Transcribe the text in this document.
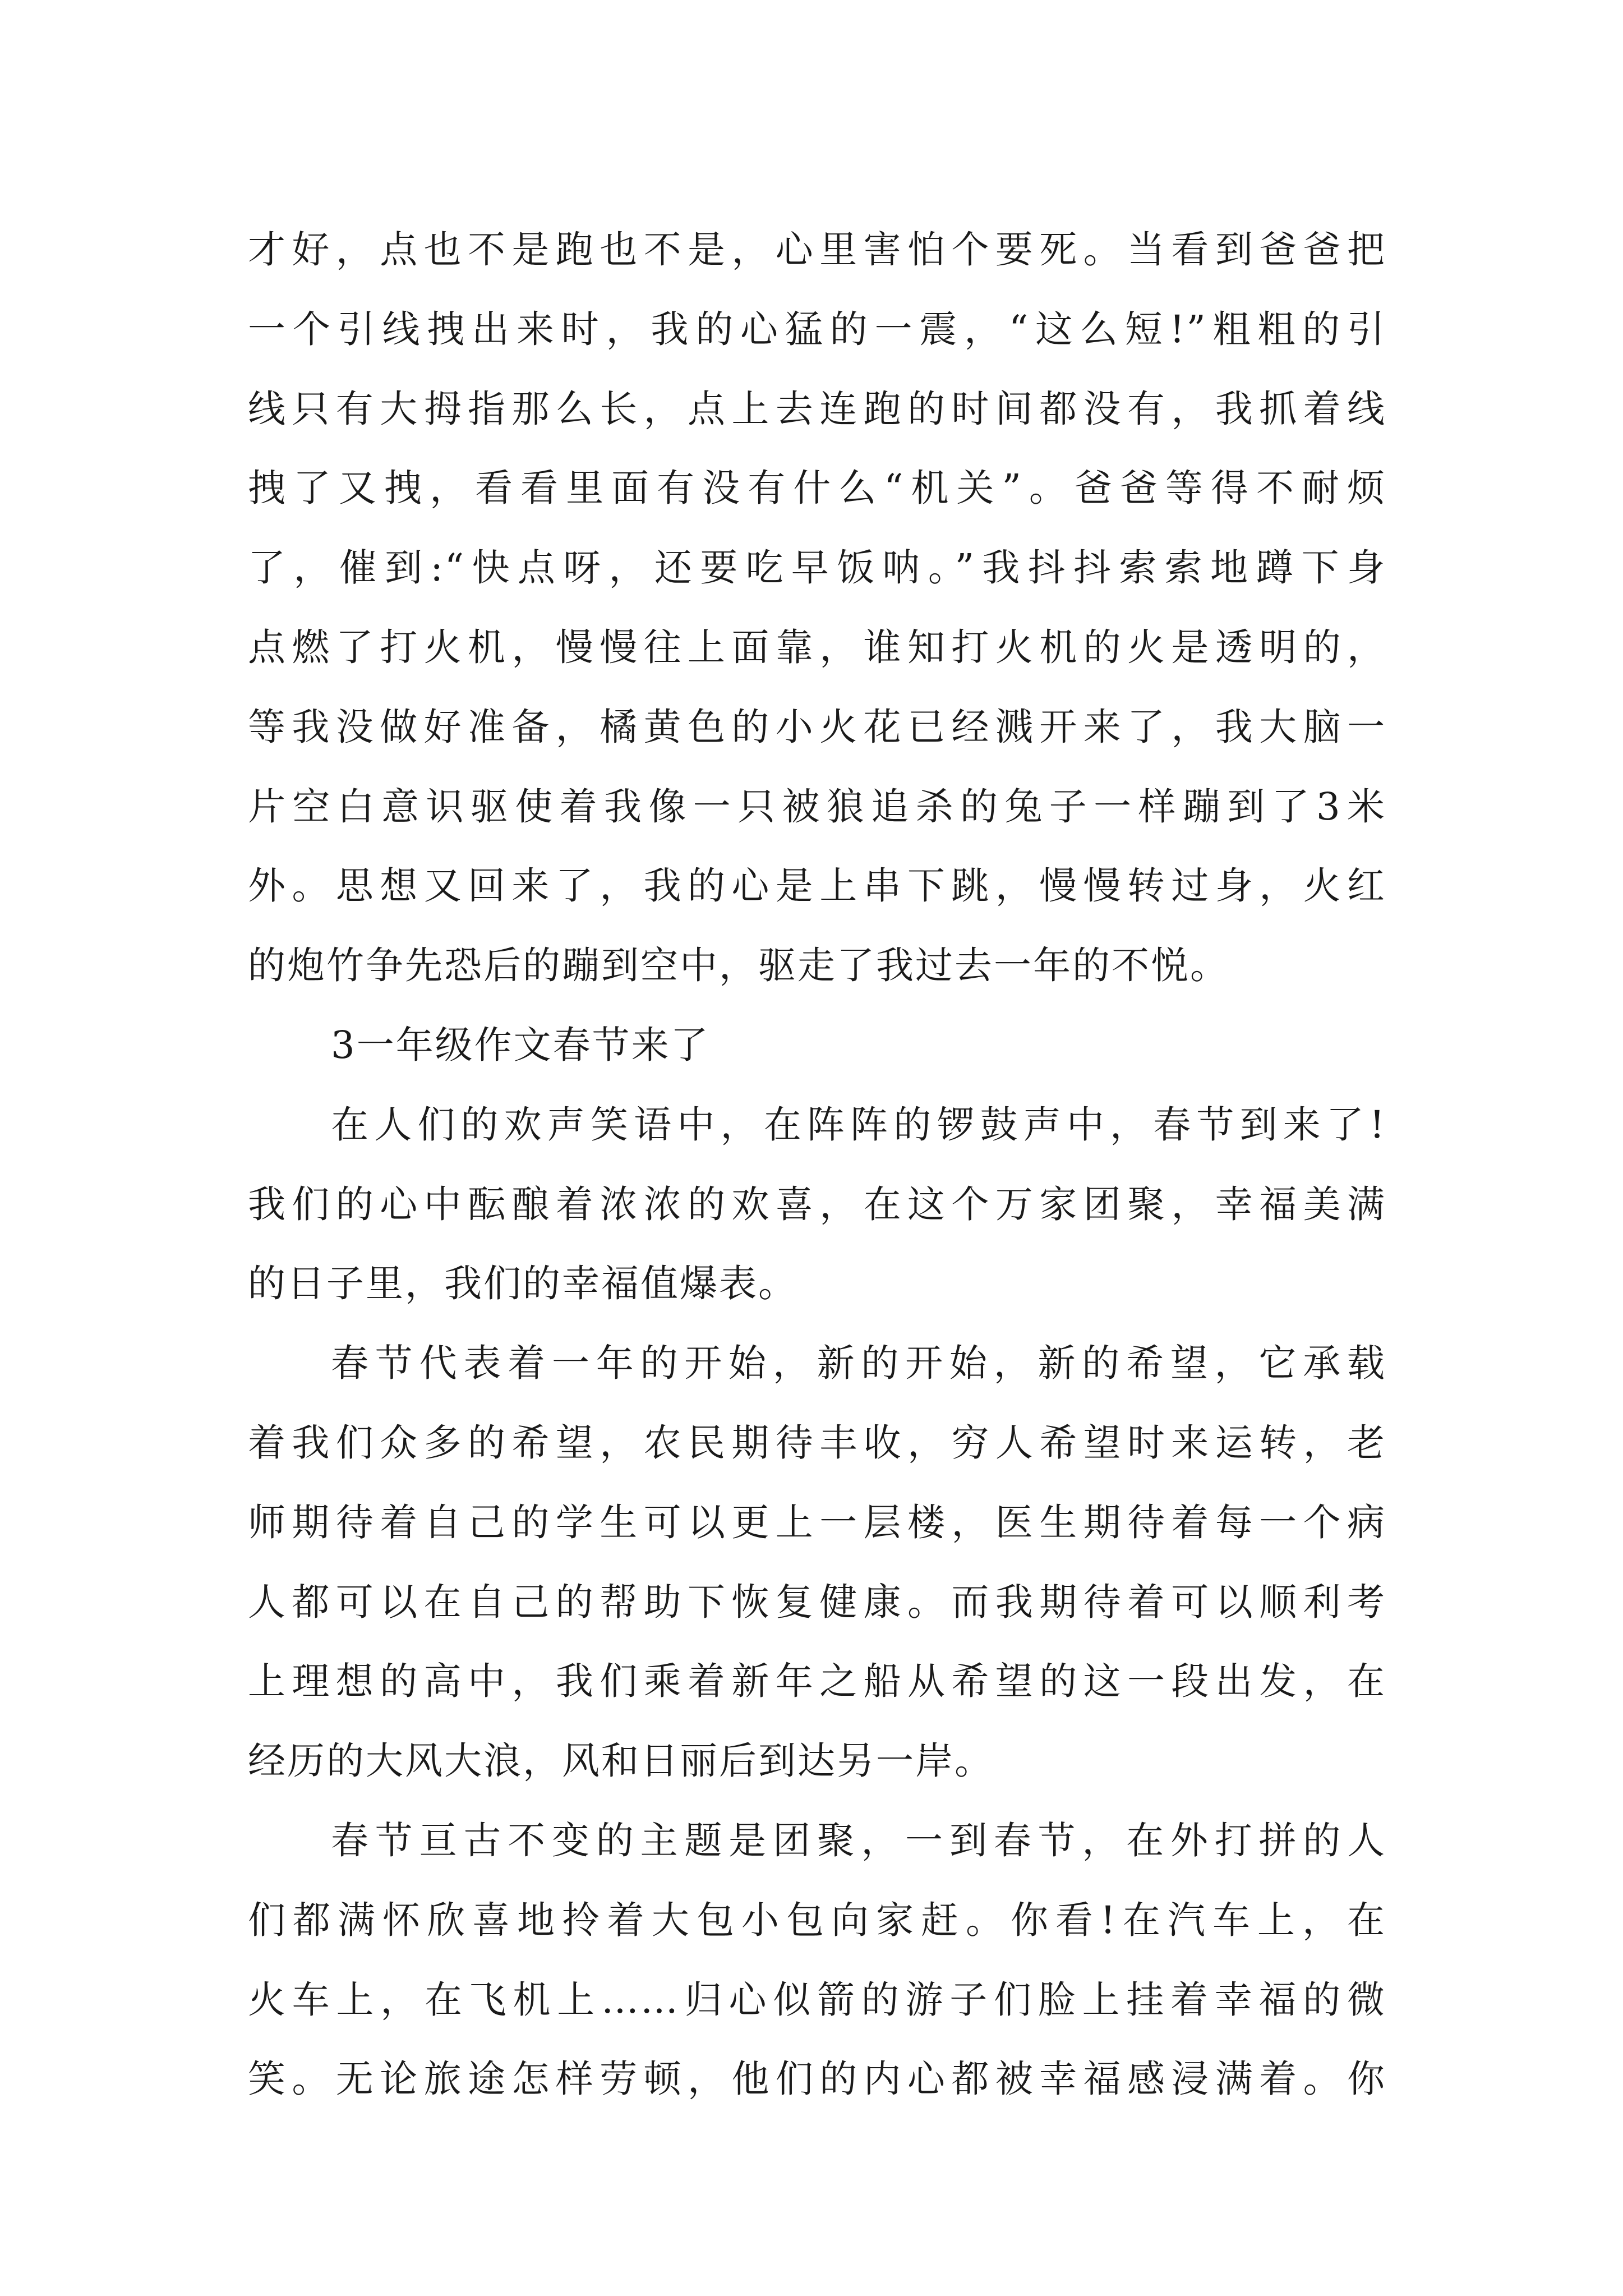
才好，点也不是跑也不是，心里害怕个要死。当看到爸爸把
一个引线拽出来时，我的心猛的一震，“这么短!”粗粗的引
线只有大拇指那么长，点上去连跑的时间都没有，我抓着线
拽了又拽，看看里面有没有什么“机关”。爸爸等得不耐烦
了，催到:“快点呀，还要吃早饭呐。”我抖抖索索地蹲下身
点燃了打火机，慢慢往上面靠，谁知打火机的火是透明的，
等我没做好准备，橘黄色的小火花已经溅开来了，我大脑一
片空白意识驱使着我像一只被狼追杀的兔子一样蹦到了3米
外。思想又回来了，我的心是上串下跳，慢慢转过身，火红
的炮竹争先恐后的蹦到空中，驱走了我过去一年的不悦。
3一年级作文春节来了
在人们的欢声笑语中，在阵阵的锣鼓声中，春节到来了!
我们的心中酝酿着浓浓的欢喜，在这个万家团聚，幸福美满
的日子里，我们的幸福值爆表。
春节代表着一年的开始，新的开始，新的希望，它承载
着我们众多的希望，农民期待丰收，穷人希望时来运转，老
师期待着自己的学生可以更上一层楼，医生期待着每一个病
人都可以在自己的帮助下恢复健康。而我期待着可以顺利考
上理想的高中，我们乘着新年之船从希望的这一段出发，在
经历的大风大浪，风和日丽后到达另一岸。
春节亘古不变的主题是团聚，一到春节，在外打拼的人
们都满怀欣喜地拎着大包小包向家赶。你看!在汽车上，在
火车上，在飞机上……归心似箭的游子们脸上挂着幸福的微
笑。无论旅途怎样劳顿，他们的内心都被幸福感浸满着。你
